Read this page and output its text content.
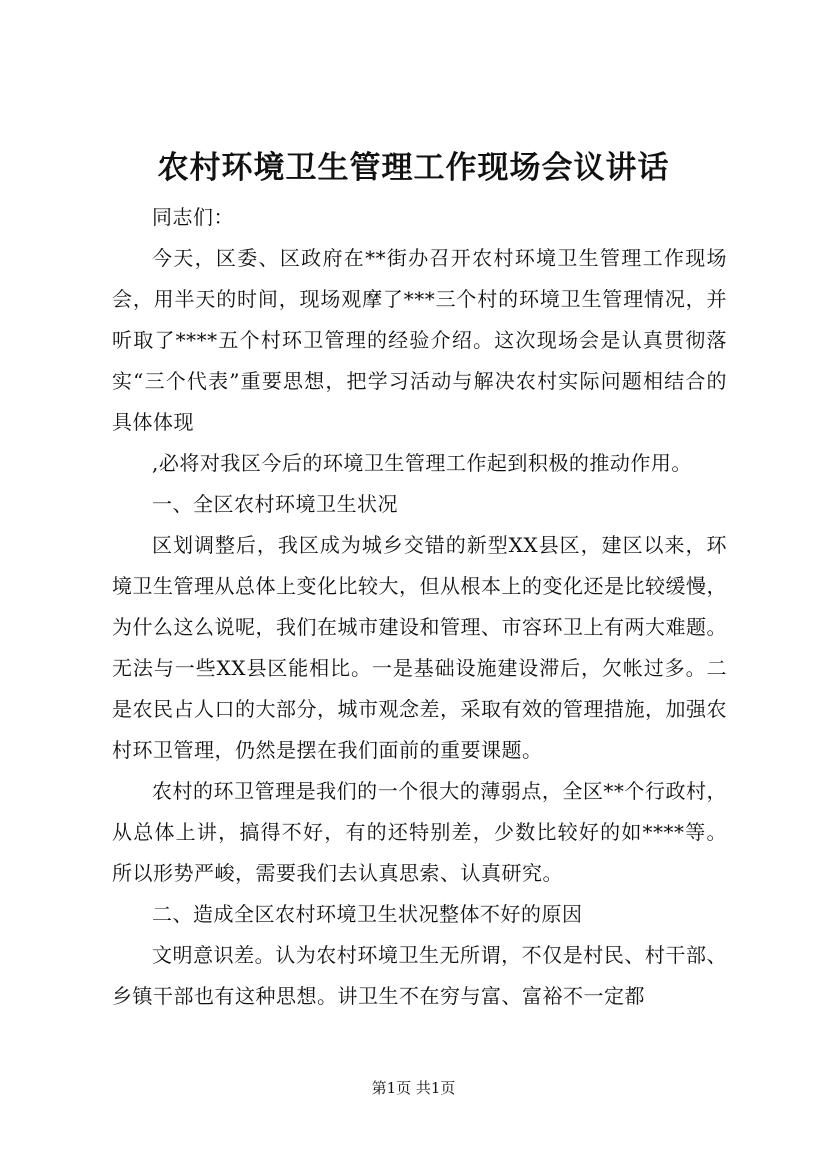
农村环境卫生管理工作现场会议讲话

同志们：

今天，区委、区政府在**街办召开农村环境卫生管理工作现场会，用半天的时间，现场观摩了***三个村的环境卫生管理情况，并听取了****五个村环卫管理的经验介绍。这次现场会是认真贯彻落实“三个代表”重要思想，把学习活动与解决农村实际问题相结合的具体体现

,必将对我区今后的环境卫生管理工作起到积极的推动作用。

一、全区农村环境卫生状况

区划调整后，我区成为城乡交错的新型XX县区，建区以来，环境卫生管理从总体上变化比较大，但从根本上的变化还是比较缓慢，为什么这么说呢，我们在城市建设和管理、市容环卫上有两大难题。无法与一些XX县区能相比。一是基础设施建设滞后，欠帐过多。二是农民占人口的大部分，城市观念差，采取有效的管理措施，加强农村环卫管理，仍然是摆在我们面前的重要课题。

农村的环卫管理是我们的一个很大的薄弱点，全区**个行政村，从总体上讲，搞得不好，有的还特别差，少数比较好的如****等。所以形势严峻，需要我们去认真思索、认真研究。

二、造成全区农村环境卫生状况整体不好的原因

文明意识差。认为农村环境卫生无所谓，不仅是村民、村干部、乡镇干部也有这种思想。讲卫生不在穷与富、富裕不一定都

第1页 共1页
